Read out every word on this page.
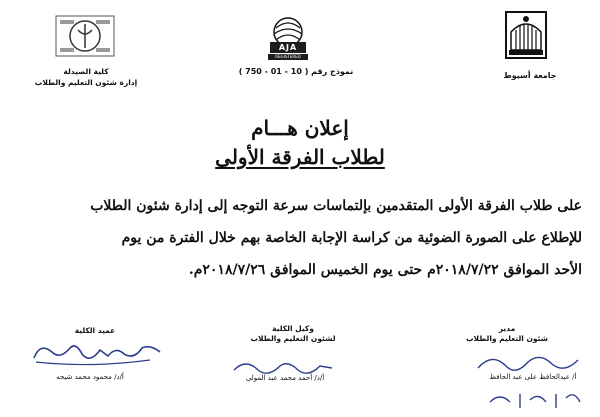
جامعة أسيوط
AJA
REGISTERED
نموذج رقم ( 10 - 01 - 750 )
كلية الصيدلة
إدارة شئون التعليم والطلاب
إعلان هـــام
لطلاب الفرقة الأولى
على طلاب الفرقة الأولى المتقدمين بإلتماسات سرعة التوجه إلى إدارة شئون الطلاب
للإطلاع على الصورة الضوئية من كراسة الإجابة الخاصة بهم خلال الفترة من يوم
الأحد الموافق ٢٠١٨/٧/٢٢م حتى يوم الخميس الموافق ٢٠١٨/٧/٢٦م.
عميد الكلية
أ/د/ محمود محمد شيحه
وكيل الكلية
لشئون التعليم والطلاب
أ/د/ أحمد محمد عبد المولى
مدير
شئون التعليم والطلاب
أ/ عبدالحافظ على عبد الحافظ
